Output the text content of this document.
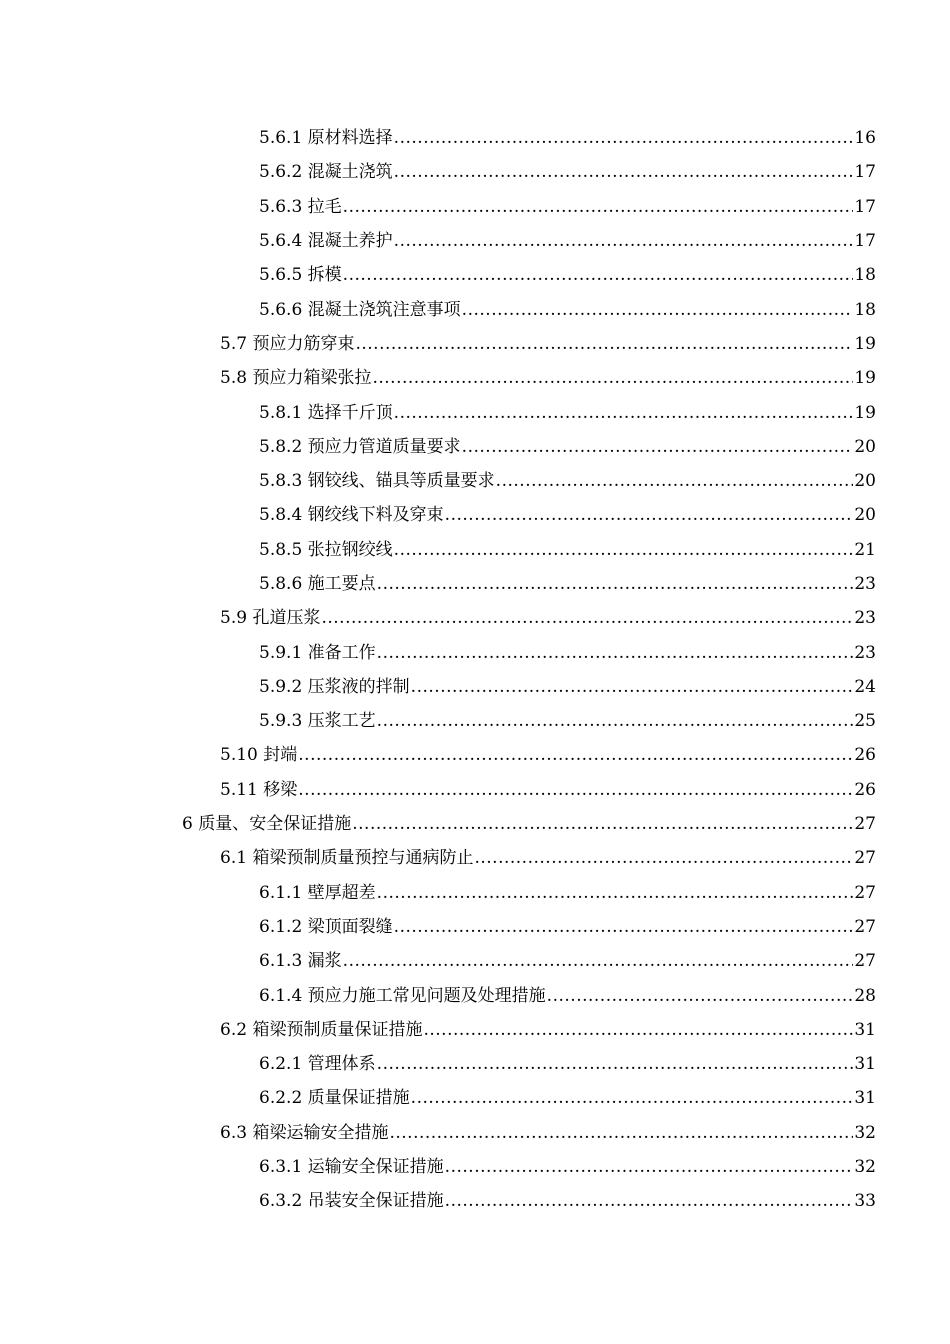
5.6.1 原材料选择 .....	16
5.6.2 混凝土浇筑 .....	17
5.6.3 拉毛 .....	17
5.6.4 混凝土养护 .....	17
5.6.5 拆模 .....	18
5.6.6 混凝土浇筑注意事项 .....	18
5.7 预应力筋穿束 .....	19
5.8 预应力箱梁张拉 .....	19
5.8.1 选择千斤顶 .....	19
5.8.2 预应力管道质量要求 .....	20
5.8.3 钢铰线、锚具等质量要求 .....	20
5.8.4 钢绞线下料及穿束 .....	20
5.8.5 张拉钢绞线 .....	21
5.8.6 施工要点 .....	23
5.9 孔道压浆 .....	23
5.9.1 准备工作 .....	23
5.9.2 压浆液的拌制 .....	24
5.9.3 压浆工艺 .....	25
5.10 封端 .....	26
5.11 移梁 .....	26
6 质量、安全保证措施 .....	27
6.1 箱梁预制质量预控与通病防止 .....	27
6.1.1 壁厚超差 .....	27
6.1.2 梁顶面裂缝 .....	27
6.1.3 漏浆 .....	27
6.1.4 预应力施工常见问题及处理措施 .....	28
6.2 箱梁预制质量保证措施 .....	31
6.2.1 管理体系 .....	31
6.2.2 质量保证措施 .....	31
6.3 箱梁运输安全措施 .....	32
6.3.1 运输安全保证措施 .....	32
6.3.2 吊装安全保证措施 .....	33
